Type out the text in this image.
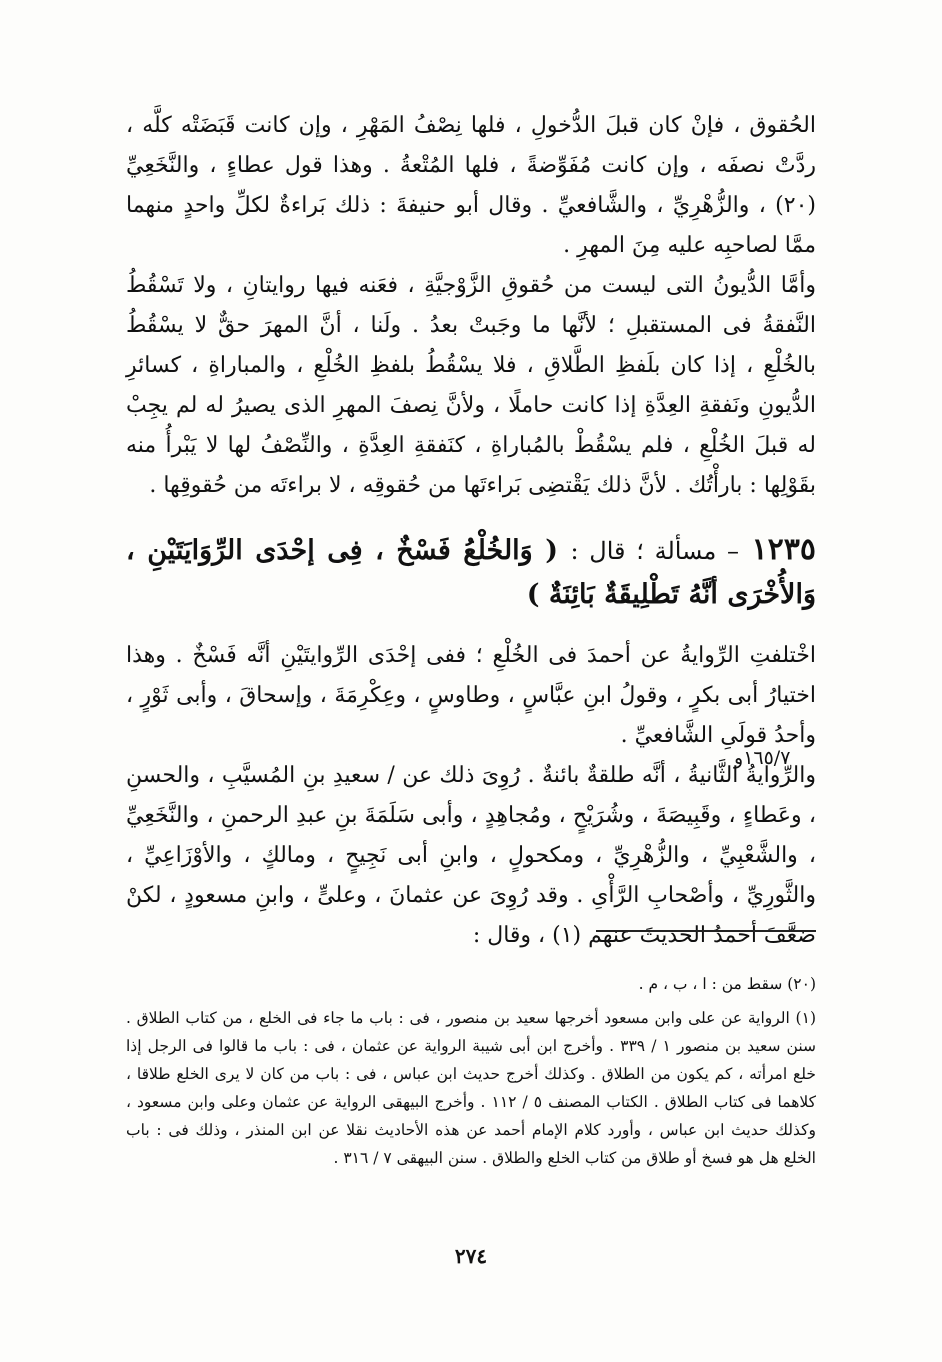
الحُقوق ، فإنْ كان قبلَ الدُّخولِ ، فلها نِصْفُ المَهْرِ ، وإن كانت قَبَضَتْه كلَّه ، ردَّتْ نصفَه ، وإن كانت مُفَوِّضةً ، فلها المُتْعةُ . وهذا قول عطاءٍ ، والنَّخَعِيِّ (٢٠) ، والزُّهْرِيِّ ، والشَّافعيِّ . وقال أبو حنيفةَ : ذلك بَراءةٌ لكلِّ واحدٍ منهما ممَّا لصاحبِه عليه مِنَ المهرِ .

وأمَّا الدُّيونُ التى ليست من حُقوقِ الزَّوْجيَّةِ ، فعَنه فيها روايتانِ ، ولا تَسْقُطُ النَّفقةُ فى المستقبلِ ؛ لأنَّها ما وجَبتْ بعدُ . ولَنا ، أنَّ المهرَ حقٌّ لا يسْقُطُ بالخُلْعِ ، إذا كان بلَفظِ الطَّلاقِ ، فلا يسْقُطُ بلفظِ الخُلْعِ ، والمباراةِ ، كسائرِ الدُّيونِ ونَفقةِ العِدَّةِ إذا كانت حاملًا ، ولأنَّ نِصفَ المهرِ الذى يصيرُ له لم يجِبْ له قبلَ الخُلْعِ ، فلم يسْقُطْ بالمُباراةِ ، كنَفقةِ العِدَّةِ ، والنِّصْفُ لها لا يَبْرأُ منه بقَوْلِها : بارأْتُك . لأنَّ ذلك يَقْتضِى بَراءتَها من حُقوقِه ، لا براءتَه من حُقوقِها .

١٢٣٥ – مسألة ؛ قال : ( وَالخُلْعُ فَسْخٌ ، فِى إحْدَى الرِّوَايَتَيْنِ ، وَالأُخْرَى أنَّهُ تَطْلِيقَةٌ بَائِنَةٌ )

اخْتلفتِ الرِّوايةُ عن أحمدَ فى الخُلْعِ ؛ ففى إحْدَى الرِّوايتَيْنِ أنَّه فَسْخٌ . وهذا اختيارُ أبى بكرٍ ، وقولُ ابنِ عبَّاسٍ ، وطاوسٍ ، وعِكْرِمَةَ ، وإسحاقَ ، وأبى ثَوْرٍ ، وأحدُ قولَىِ الشَّافعيِّ .

والرِّوايةُ الثَّانيةُ ، أنَّه طلقةٌ بائنةٌ . رُوِىَ ذلك عن / سعيدِ بنِ المُسيَّبِ ، والحسنِ ، وعَطاءٍ ، وقَبِيصَةَ ، وشُرَيْحٍ ، ومُجاهِدٍ ، وأبى سَلَمَةَ بنِ عبدِ الرحمنِ ، والنَّخَعِيِّ ، والشَّعْبِيِّ ، والزُّهْرِيِّ ، ومكحولٍ ، وابنِ أبى نَجِيحٍ ، ومالكٍ ، والأوْزَاعِيِّ ، والثَّورِيِّ ، وأصْحابِ الرَّأْىِ . وقد رُوِىَ عن عثمانَ ، وعلىٍّ ، وابنِ مسعودٍ ، لكنْ ضعَّفَ أحمدُ الحديثَ عنهم (١) ، وقال :

١٦٥/٧و

(٢٠) سقط من : ا ، ب ، م .

(١) الرواية عن على وابن مسعود أخرجها سعيد بن منصور ، فى : باب ما جاء فى الخلع ، من كتاب الطلاق . سنن سعيد بن منصور ١ / ٣٣٩ . وأخرج ابن أبى شيبة الرواية عن عثمان ، فى : باب ما قالوا فى الرجل إذا خلع امرأته ، كم يكون من الطلاق . وكذلك أخرج حديث ابن عباس ، فى : باب من كان لا يرى الخلع طلاقا ، كلاهما فى كتاب الطلاق . الكتاب المصنف ٥ / ١١٢ . وأخرج البيهقى الرواية عن عثمان وعلى وابن مسعود ، وكذلك حديث ابن عباس ، وأورد كلام الإمام أحمد عن هذه الأحاديث نقلا عن ابن المنذر ، وذلك فى : باب الخلع هل هو فسخ أو طلاق من كتاب الخلع والطلاق . سنن البيهقى ٧ / ٣١٦ .

٢٧٤
